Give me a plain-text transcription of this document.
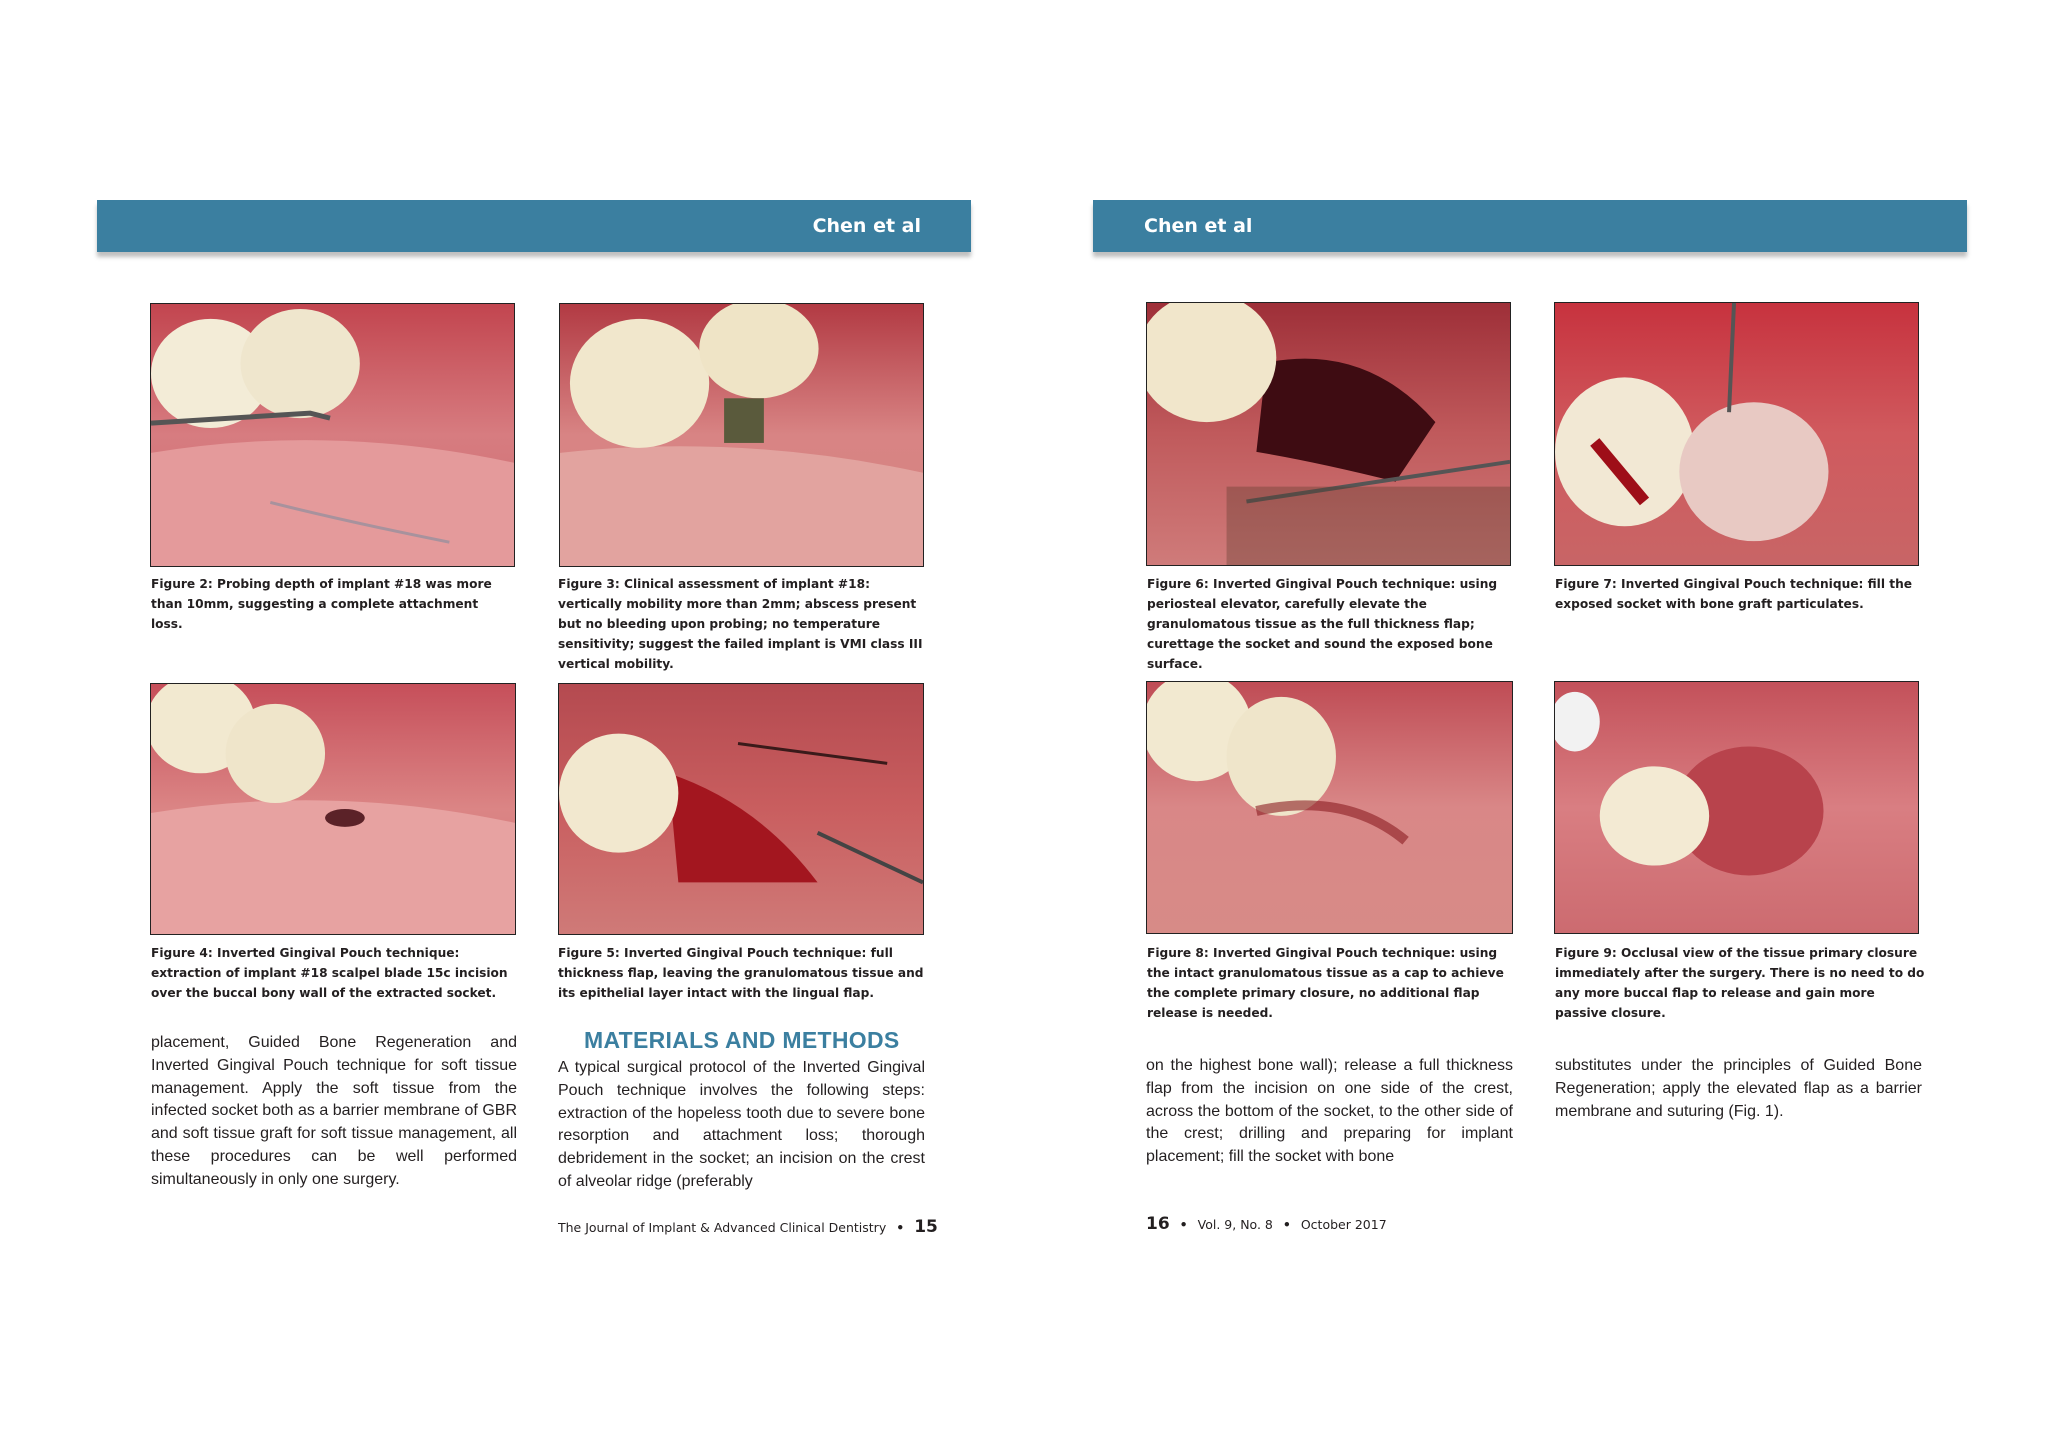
Chen et al	Chen et al
Figure 2: Probing depth of implant #18 was more than 10mm, suggesting a complete attachment loss.
Figure 3: Clinical assessment of implant #18: vertically mobility more than 2mm; abscess present but no bleeding upon probing; no temperature sensitivity; suggest the failed implant is VMI class III vertical mobility.
Figure 4: Inverted Gingival Pouch technique: extraction of implant #18 scalpel blade 15c incision over the buccal bony wall of the extracted socket.
Figure 5: Inverted Gingival Pouch technique: full thickness flap, leaving the granulomatous tissue and its epithelial layer intact with the lingual flap.
Figure 6: Inverted Gingival Pouch technique: using periosteal elevator, carefully elevate the granulomatous tissue as the full thickness flap; curettage the socket and sound the exposed bone surface.
Figure 7: Inverted Gingival Pouch technique: fill the exposed socket with bone graft particulates.
Figure 8: Inverted Gingival Pouch technique: using the intact granulomatous tissue as a cap to achieve the complete primary closure, no additional flap release is needed.
Figure 9: Occlusal view of the tissue primary closure immediately after the surgery. There is no need to do any more buccal flap to release and gain more passive closure.
placement, Guided Bone Regeneration and Inverted Gingival Pouch technique for soft tissue management. Apply the soft tissue from the infected socket both as a barrier membrane of GBR and soft tissue graft for soft tissue management, all these procedures can be well performed simultaneously in only one surgery.
MATERIALS AND METHODS
A typical surgical protocol of the Inverted Gingival Pouch technique involves the following steps: extraction of the hopeless tooth due to severe bone resorption and attachment loss; thorough debridement in the socket; an incision on the crest of alveolar ridge (preferably
on the highest bone wall); release a full thickness flap from the incision on one side of the crest, across the bottom of the socket, to the other side of the crest; drilling and preparing for implant placement; fill the socket with bone
substitutes under the principles of Guided Bone Regeneration; apply the elevated flap as a barrier membrane and suturing (Fig. 1).
The Journal of Implant & Advanced Clinical Dentistry • 15	16 • Vol. 9, No. 8 • October 2017
